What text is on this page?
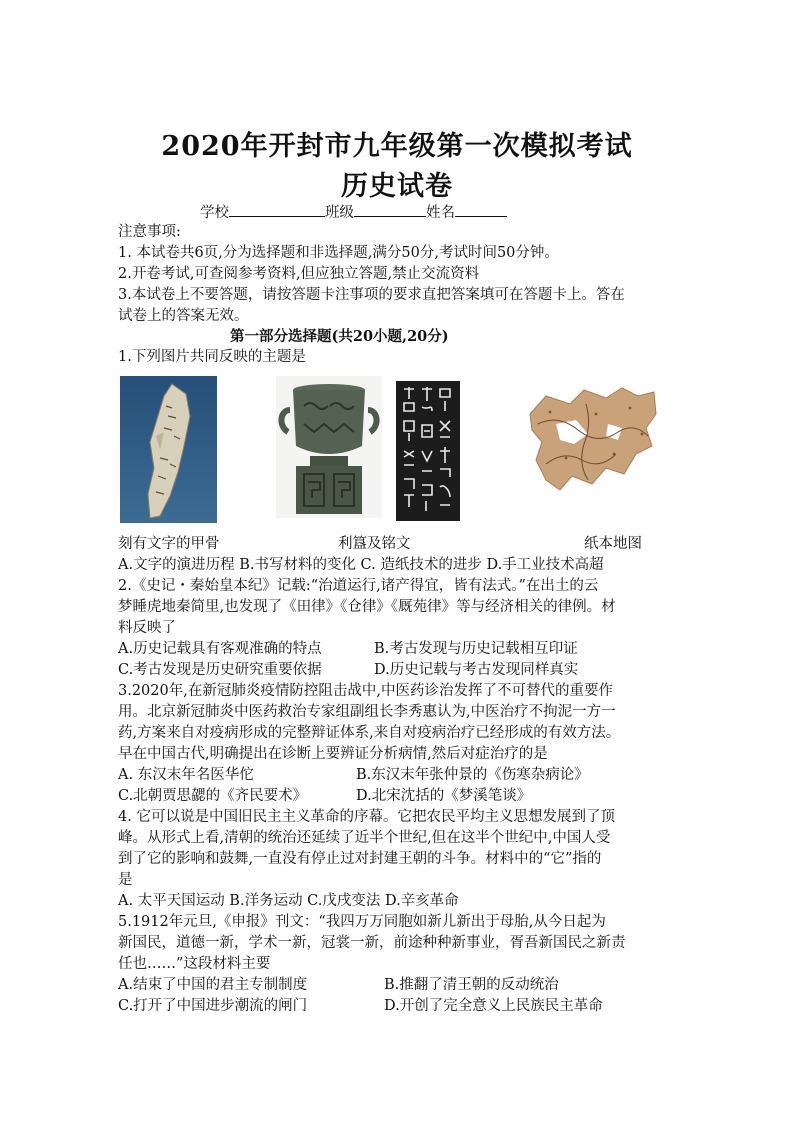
2020年开封市九年级第一次模拟考试
历史试卷
学校	班级	姓名
注意事项:
1. 本试卷共6页,分为选择题和非选择题,满分50分,考试时间50分钟。
2.开卷考试,可查阅参考资料,但应独立答题,禁止交流资料
3.本试卷上不要答题，请按答题卡注事项的要求直把答案填可在答题卡上。答在
试卷上的答案无效。
第一部分选择题(共20小题,20分)
1.下列图片共同反映的主题是
刻有文字的甲骨	利簋及铭文	纸本地图
A.文字的演进历程 B.书写材料的变化 C. 造纸技术的进步 D.手工业技术高超
2.《史记・秦始皇本纪》记载:“治道运行,诸产得宜，皆有法式。”在出土的云
梦睡虎地秦简里,也发现了《田律》《仓律》《厩苑律》等与经济相关的律例。材
料反映了
A.历史记载具有客观准确的特点	B.考古发现与历史记载相互印证
C.考古发现是历史研究重要依据	D.历史记载与考古发现同样真实
3.2020年,在新冠肺炎疫情防控阻击战中,中医药诊治发挥了不可替代的重要作
用。北京新冠肺炎中医药救治专家组副组长李秀惠认为,中医治疗不拘泥一方一
药,方案来自对疫病形成的完整辩证体系,来自对疫病治疗已经形成的有效方法。
早在中国古代,明确提出在诊断上要辨证分析病情,然后对症治疗的是
A. 东汉末年名医华佗	B.东汉末年张仲景的《伤寒杂病论》
C.北朝贾思勰的《齐民要术》	D.北宋沈括的《梦溪笔谈》
4. 它可以说是中国旧民主主义革命的序幕。它把农民平均主义思想发展到了顶
峰。从形式上看,清朝的统治还延续了近半个世纪,但在这半个世纪中,中国人受
到了它的影响和鼓舞,一直没有停止过对封建王朝的斗争。材料中的“它”指的
是
A. 太平天国运动 B.洋务运动 C.戊戌变法 D.辛亥革命
5.1912年元旦,《申报》刊文：“我四万万同胞如新儿新出于母胎,从今日起为
新国民，道德一新，学术一新，冠裳一新，前途种种新事业，胥吾新国民之新责
任也……”这段材料主要
A.结束了中国的君主专制制度	B.推翻了清王朝的反动统治
C.打开了中国进步潮流的闸门	D.开创了完全意义上民族民主革命
